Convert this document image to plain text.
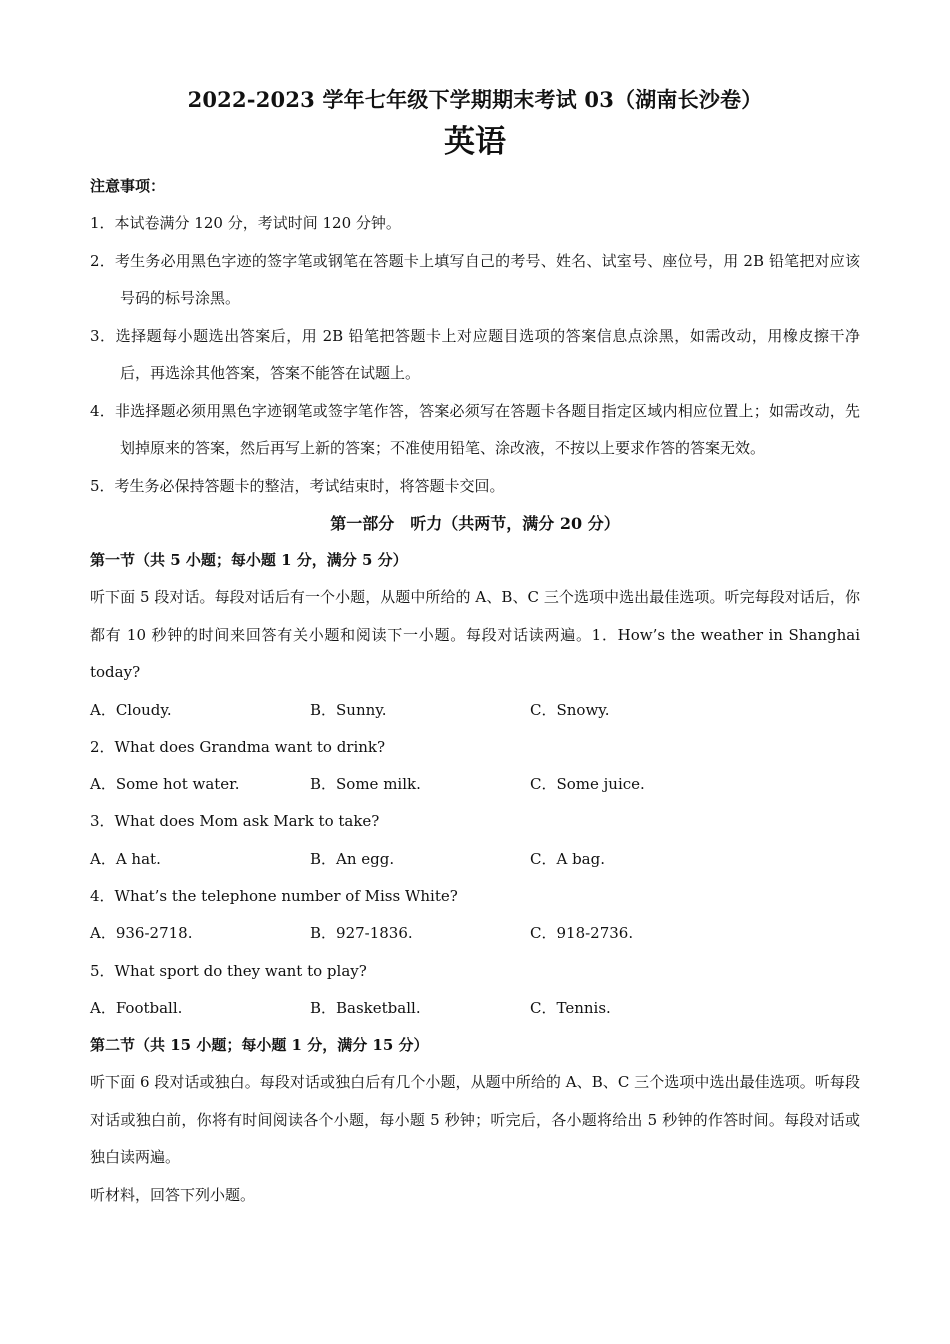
2022-2023 学年七年级下学期期末考试 03（湖南长沙卷）

英语

注意事项：

1．本试卷满分 120 分，考试时间 120 分钟。

2．考生务必用黑色字迹的签字笔或钢笔在答题卡上填写自己的考号、姓名、试室号、座位号，用 2B 铅笔把对应该号码的标号涂黑。

3．选择题每小题选出答案后，用 2B 铅笔把答题卡上对应题目选项的答案信息点涂黑，如需改动，用橡皮擦干净后，再选涂其他答案，答案不能答在试题上。

4．非选择题必须用黑色字迹钢笔或签字笔作答，答案必须写在答题卡各题目指定区域内相应位置上；如需改动，先划掉原来的答案，然后再写上新的答案；不准使用铅笔、涂改液，不按以上要求作答的答案无效。

5．考生务必保持答题卡的整洁，考试结束时，将答题卡交回。

第一部分　听力（共两节，满分 20 分）

第一节（共 5 小题；每小题 1 分，满分 5 分）

听下面 5 段对话。每段对话后有一个小题，从题中所给的 A、B、C 三个选项中选出最佳选项。听完每段对话后，你都有 10 秒钟的时间来回答有关小题和阅读下一小题。每段对话读两遍。1．How’s the weather in Shanghai today?

A．Cloudy.	B．Sunny.	C．Snowy.

2．What does Grandma want to drink?

A．Some hot water.	B．Some milk.	C．Some juice.

3．What does Mom ask Mark to take?

A．A hat.	B．An egg.	C．A bag.

4．What’s the telephone number of Miss White?

A．936-2718.	B．927-1836.	C．918-2736.

5．What sport do they want to play?

A．Football.	B．Basketball.	C．Tennis.

第二节（共 15 小题；每小题 1 分，满分 15 分）

听下面 6 段对话或独白。每段对话或独白后有几个小题，从题中所给的 A、B、C 三个选项中选出最佳选项。听每段对话或独白前，你将有时间阅读各个小题，每小题 5 秒钟；听完后，各小题将给出 5 秒钟的作答时间。每段对话或独白读两遍。

听材料，回答下列小题。
